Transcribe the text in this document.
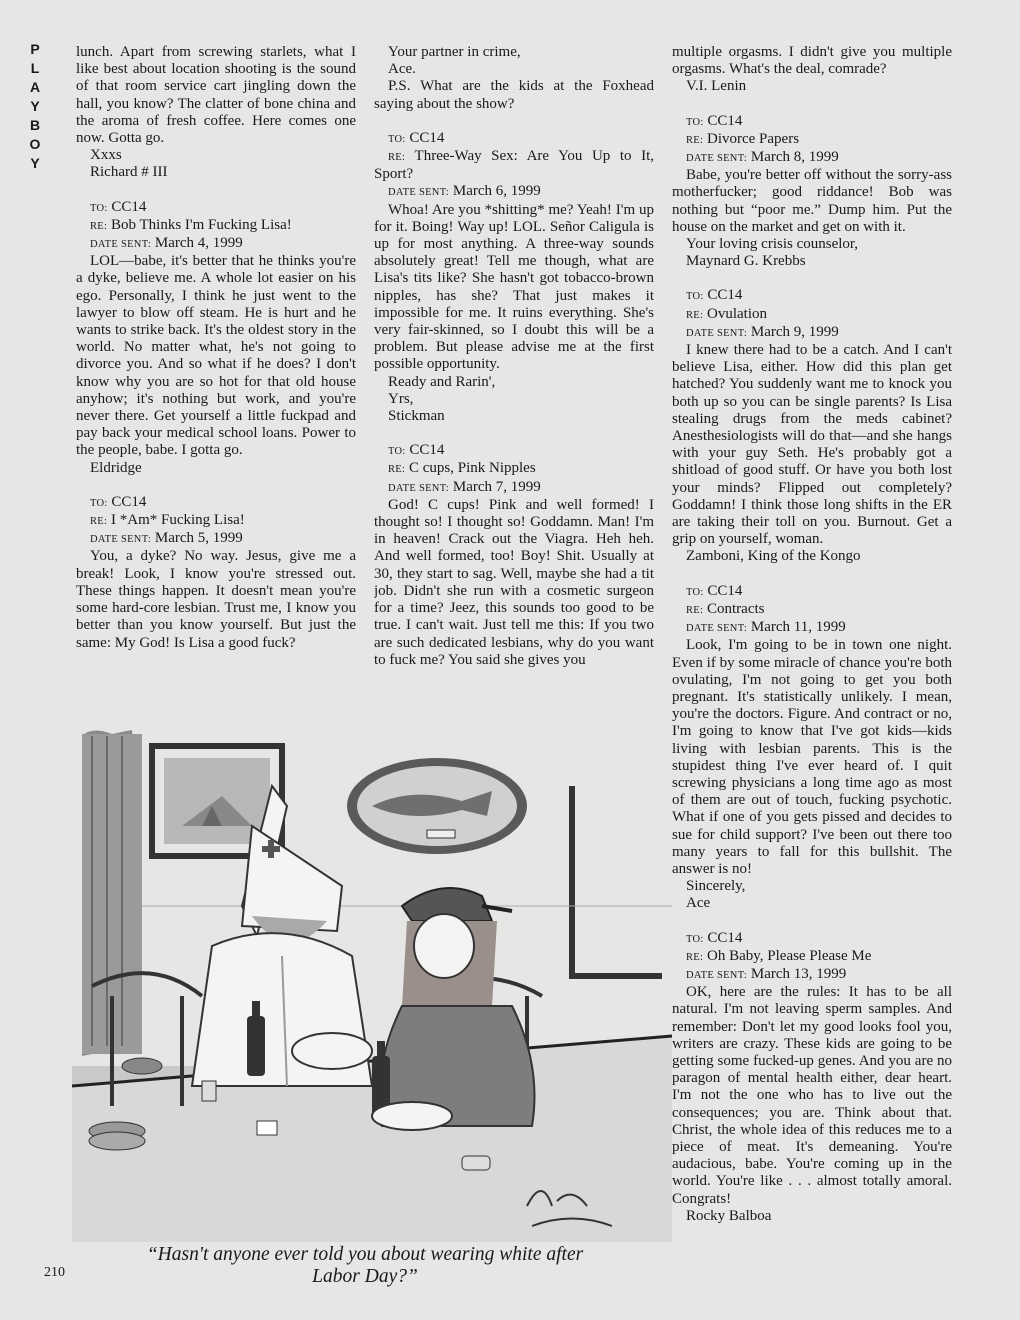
P
L
A
Y
B
O
Y

lunch. Apart from screwing starlets, what I like best about location shooting is the sound of that room service cart jingling down the hall, you know? The clatter of bone china and the aroma of fresh coffee. Here comes one now. Gotta go.

Xxxs

Richard # III

TO: CC14

RE: Bob Thinks I'm Fucking Lisa!

DATE SENT: March 4, 1999

LOL—babe, it's better that he thinks you're a dyke, believe me. A whole lot easier on his ego. Personally, I think he just went to the lawyer to blow off steam. He is hurt and he wants to strike back. It's the oldest story in the world. No matter what, he's not going to divorce you. And so what if he does? I don't know why you are so hot for that old house anyhow; it's nothing but work, and you're never there. Get yourself a little fuckpad and pay back your medical school loans. Power to the people, babe. I gotta go.

Eldridge

TO: CC14

RE: I *Am* Fucking Lisa!

DATE SENT: March 5, 1999

You, a dyke? No way. Jesus, give me a break! Look, I know you're stressed out. These things happen. It doesn't mean you're some hard-core lesbian. Trust me, I know you better than you know yourself. But just the same: My God! Is Lisa a good fuck?

Your partner in crime,

Ace.

P.S. What are the kids at the Foxhead saying about the show?

TO: CC14

RE: Three-Way Sex: Are You Up to It, Sport?

DATE SENT: March 6, 1999

Whoa! Are you *shitting* me? Yeah! I'm up for it. Boing! Way up! LOL. Señor Caligula is up for most anything. A three-way sounds absolutely great! Tell me though, what are Lisa's tits like? She hasn't got tobacco-brown nipples, has she? That just makes it impossible for me. It ruins everything. She's very fair-skinned, so I doubt this will be a problem. But please advise me at the first possible opportunity.

Ready and Rarin',

Yrs,

Stickman

TO: CC14

RE: C cups, Pink Nipples

DATE SENT: March 7, 1999

God! C cups! Pink and well formed! I thought so! I thought so! Goddamn. Man! I'm in heaven! Crack out the Viagra. Heh heh. And well formed, too! Boy! Shit. Usually at 30, they start to sag. Well, maybe she had a tit job. Didn't she run with a cosmetic surgeon for a time? Jeez, this sounds too good to be true. I can't wait. Just tell me this: If you two are such dedicated lesbians, why do you want to fuck me? You said she gives you

multiple orgasms. I didn't give you multiple orgasms. What's the deal, comrade?

V.I. Lenin

TO: CC14

RE: Divorce Papers

DATE SENT: March 8, 1999

Babe, you're better off without the sorry-ass motherfucker; good riddance! Bob was nothing but “poor me.” Dump him. Put the house on the market and get on with it.

Your loving crisis counselor,

Maynard G. Krebbs

TO: CC14

RE: Ovulation

DATE SENT: March 9, 1999

I knew there had to be a catch. And I can't believe Lisa, either. How did this plan get hatched? You suddenly want me to knock you both up so you can be single parents? Is Lisa stealing drugs from the meds cabinet? Anesthesiologists will do that—and she hangs with your guy Seth. He's probably got a shitload of good stuff. Or have you both lost your minds? Flipped out completely? Goddamn! I think those long shifts in the ER are taking their toll on you. Burnout. Get a grip on yourself, woman.

Zamboni, King of the Kongo

TO: CC14

RE: Contracts

DATE SENT: March 11, 1999

Look, I'm going to be in town one night. Even if by some miracle of chance you're both ovulating, I'm not going to get you both pregnant. It's statistically unlikely. I mean, you're the doctors. Figure. And contract or no, I'm going to know that I've got kids—kids living with lesbian parents. This is the stupidest thing I've ever heard of. I quit screwing physicians a long time ago as most of them are out of touch, fucking psychotic. What if one of you gets pissed and decides to sue for child support? I've been out there too many years to fall for this bullshit. The answer is no!

Sincerely,

Ace

TO: CC14

RE: Oh Baby, Please Please Me

DATE SENT: March 13, 1999

OK, here are the rules: It has to be all natural. I'm not leaving sperm samples. And remember: Don't let my good looks fool you, writers are crazy. These kids are going to be getting some fucked-up genes. And you are no paragon of mental health either, dear heart. I'm not the one who has to live out the consequences; you are. Think about that. Christ, the whole idea of this reduces me to a piece of meat. It's demeaning. You're audacious, babe. You're coming up in the world. You're like . . . almost totally amoral. Congrats!

Rocky Balboa

“Hasn't anyone ever told you about wearing white after Labor Day?”
210
